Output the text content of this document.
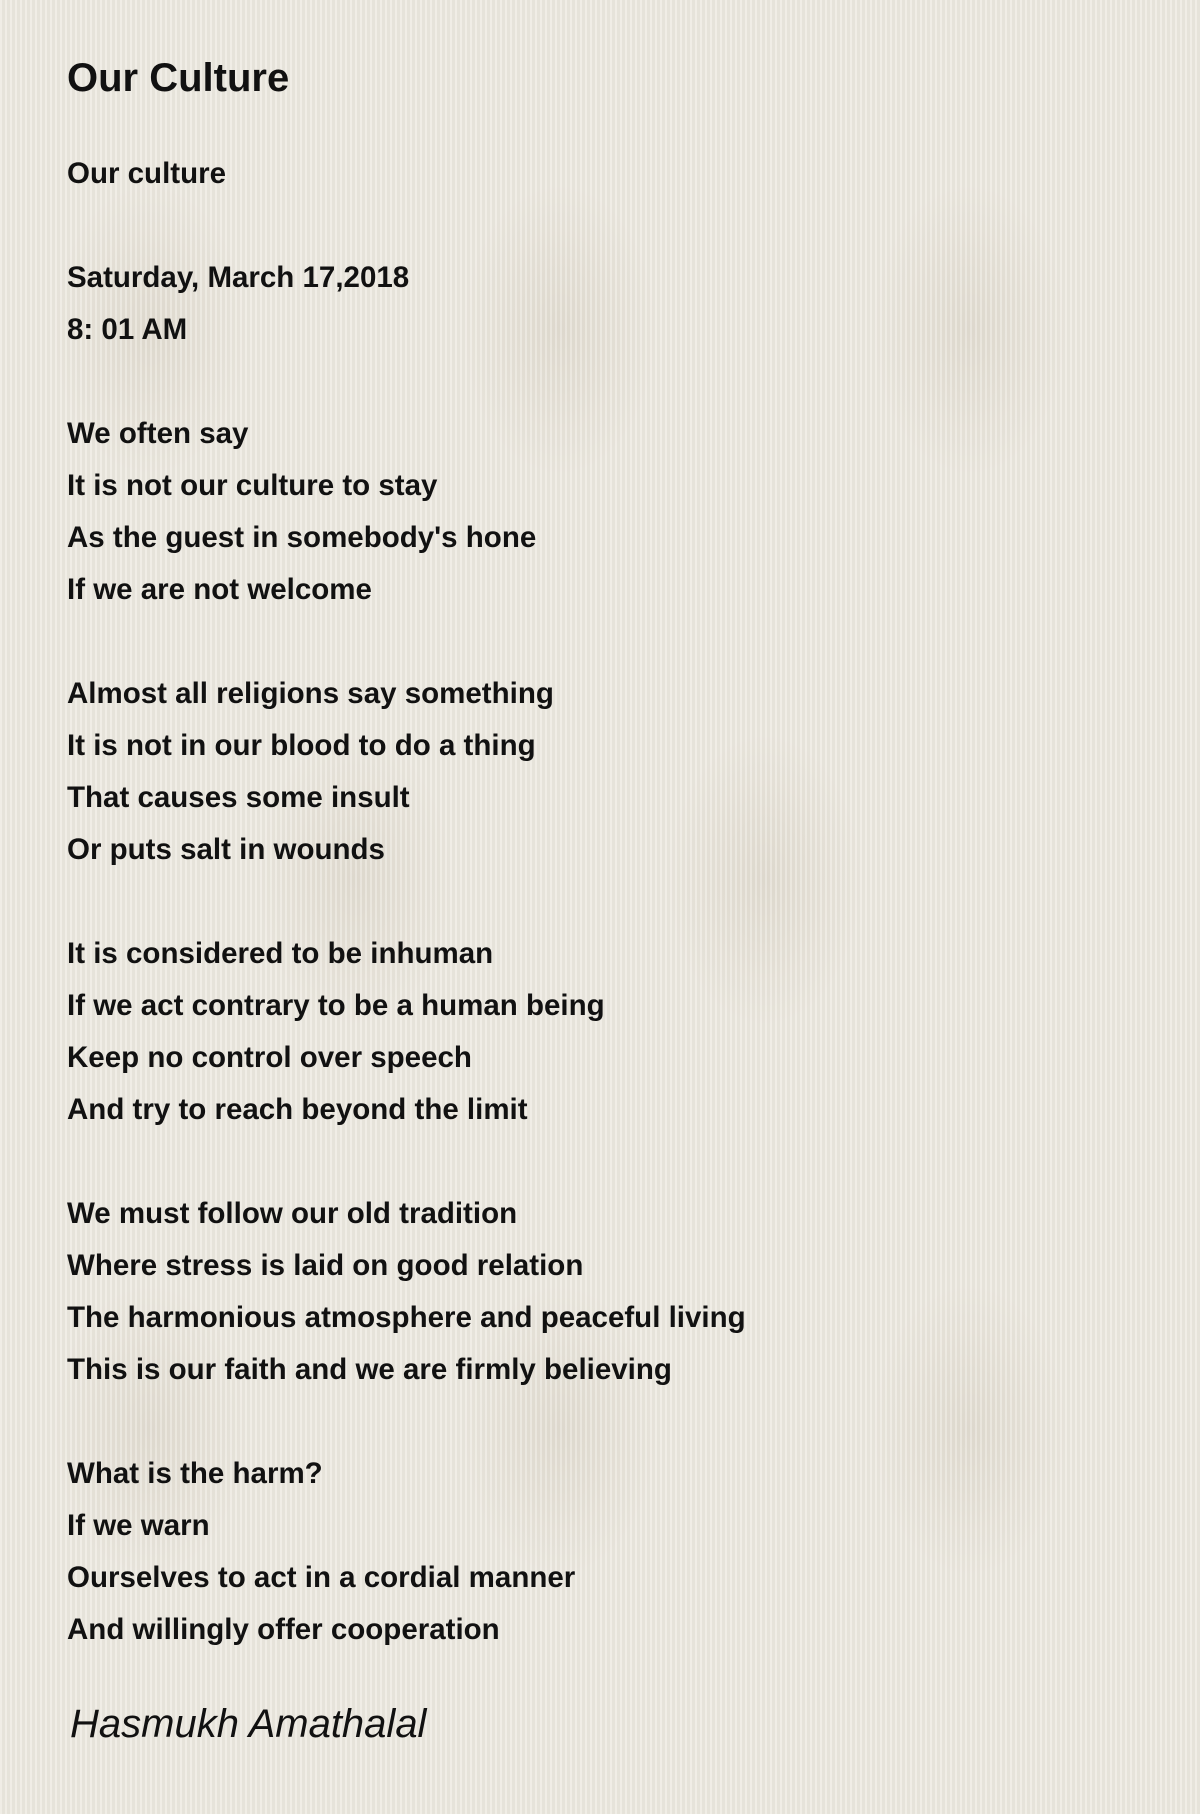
Our Culture
Our culture
Saturday, March 17,2018
8: 01 AM
We often say
It is not our culture to stay
As the guest in somebody's hone
If we are not welcome
Almost all religions say something
It is not in our blood to do a thing
That causes some insult
Or puts salt in wounds
It is considered to be inhuman
If we act contrary to be a human being
Keep no control over speech
And try to reach beyond the limit
We must follow our old tradition
Where stress is laid on good relation
The harmonious atmosphere and peaceful living
This is our faith and we are firmly believing
What is the harm?
If we warn
Ourselves to act in a cordial manner
And willingly offer cooperation
Hasmukh Amathalal
